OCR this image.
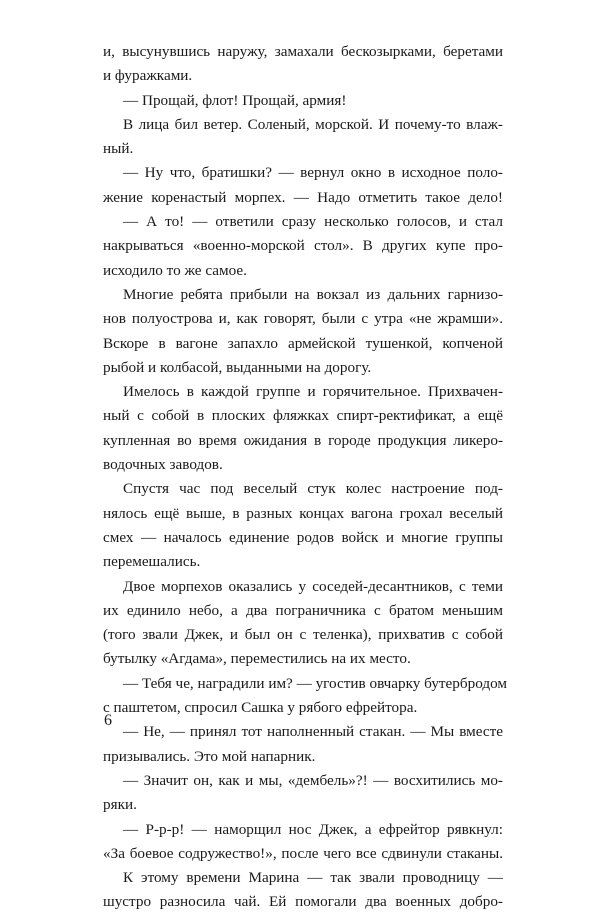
и, высунувшись наружу, замахали бескозырками, беретами
и фуражками.
— Прощай, флот! Прощай, армия!
В лица бил ветер. Соленый, морской. И почему-то влаж-
ный.
— Ну что, братишки? — вернул окно в исходное поло-
жение коренастый морпех. — Надо отметить такое дело!
— А то! — ответили сразу несколько голосов, и стал
накрываться «военно-морской стол». В других купе про-
исходило то же самое.
Многие ребята прибыли на вокзал из дальних гарнизо-
нов полуострова и, как говорят, были с утра «не жрамши».
Вскоре в вагоне запахло армейской тушенкой, копченой
рыбой и колбасой, выданными на дорогу.
Имелось в каждой группе и горячительное. Прихвачен-
ный с собой в плоских фляжках спирт-ректификат, а ещё
купленная во время ожидания в городе продукция ликеро-
водочных заводов.
Спустя час под веселый стук колес настроение под-
нялось ещё выше, в разных концах вагона грохал веселый
смех — началось единение родов войск и многие группы
перемешались.
Двое морпехов оказались у соседей-десантников, с теми
их единило небо, а два пограничника с братом меньшим
(того звали Джек, и был он с теленка), прихватив с собой
бутылку «Агдама», переместились на их место.
— Тебя че, наградили им? — угостив овчарку бутербродом
с паштетом, спросил Сашка у рябого ефрейтора.
— Не, — принял тот наполненный стакан. — Мы вместе
призывались. Это мой напарник.
— Значит он, как и мы, «дембель»?! — восхитились мо-
ряки.
— Р-р-р! — наморщил нос Джек, а ефрейтор рявкнул:
«За боевое содружество!», после чего все сдвинули стаканы.
К этому времени Марина — так звали проводницу —
шустро разносила чай. Ей помогали два военных добро-
6
